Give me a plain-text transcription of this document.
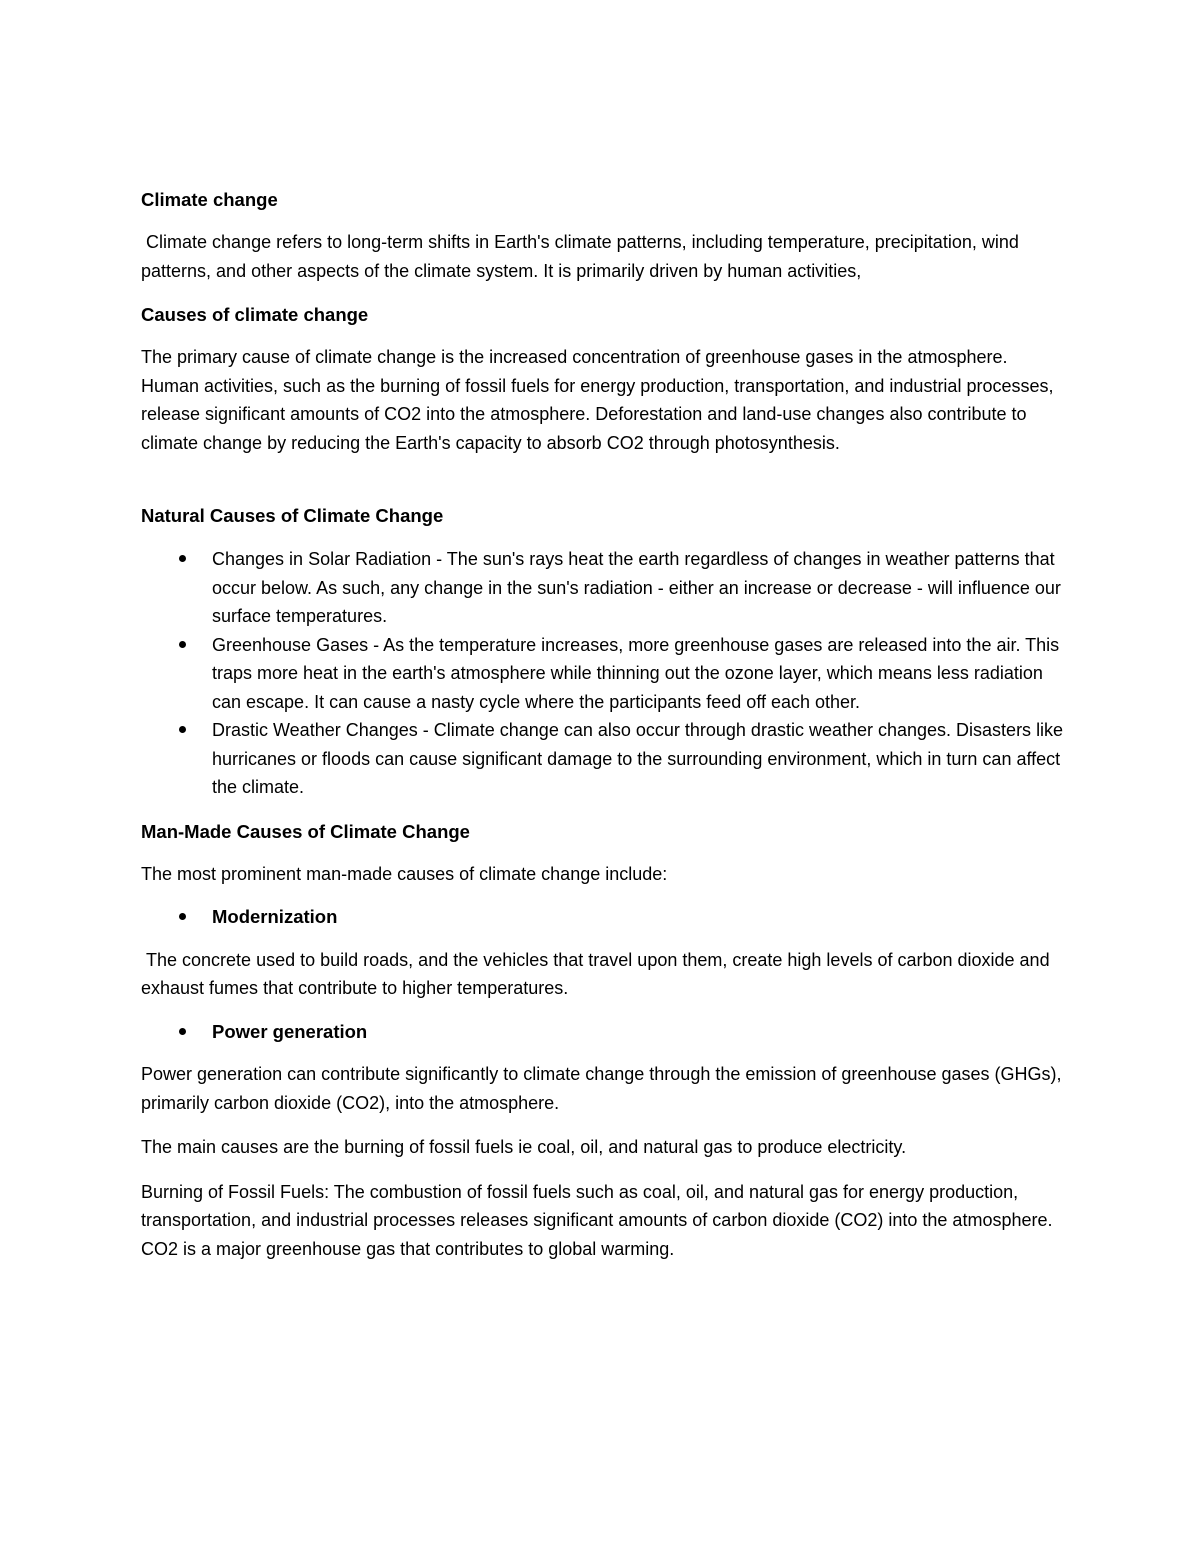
Climate change

Climate change refers to long-term shifts in Earth's climate patterns, including temperature, precipitation, wind patterns, and other aspects of the climate system. It is primarily driven by human activities,

Causes of climate change

The primary cause of climate change is the increased concentration of greenhouse gases in the atmosphere. Human activities, such as the burning of fossil fuels for energy production, transportation, and industrial processes, release significant amounts of CO2 into the atmosphere. Deforestation and land-use changes also contribute to climate change by reducing the Earth's capacity to absorb CO2 through photosynthesis.

Natural Causes of Climate Change
Changes in Solar Radiation - The sun's rays heat the earth regardless of changes in weather patterns that occur below. As such, any change in the sun's radiation - either an increase or decrease - will influence our surface temperatures.
Greenhouse Gases - As the temperature increases, more greenhouse gases are released into the air. This traps more heat in the earth's atmosphere while thinning out the ozone layer, which means less radiation can escape. It can cause a nasty cycle where the participants feed off each other.
Drastic Weather Changes - Climate change can also occur through drastic weather changes. Disasters like hurricanes or floods can cause significant damage to the surrounding environment, which in turn can affect the climate.
Man-Made Causes of Climate Change

The most prominent man-made causes of climate change include:

Modernization

The concrete used to build roads, and the vehicles that travel upon them, create high levels of carbon dioxide and exhaust fumes that contribute to higher temperatures.

Power generation

Power generation can contribute significantly to climate change through the emission of greenhouse gases (GHGs), primarily carbon dioxide (CO2), into the atmosphere.

The main causes are the burning of fossil fuels ie coal, oil, and natural gas to produce electricity.

Burning of Fossil Fuels: The combustion of fossil fuels such as coal, oil, and natural gas for energy production, transportation, and industrial processes releases significant amounts of carbon dioxide (CO2) into the atmosphere. CO2 is a major greenhouse gas that contributes to global warming.
